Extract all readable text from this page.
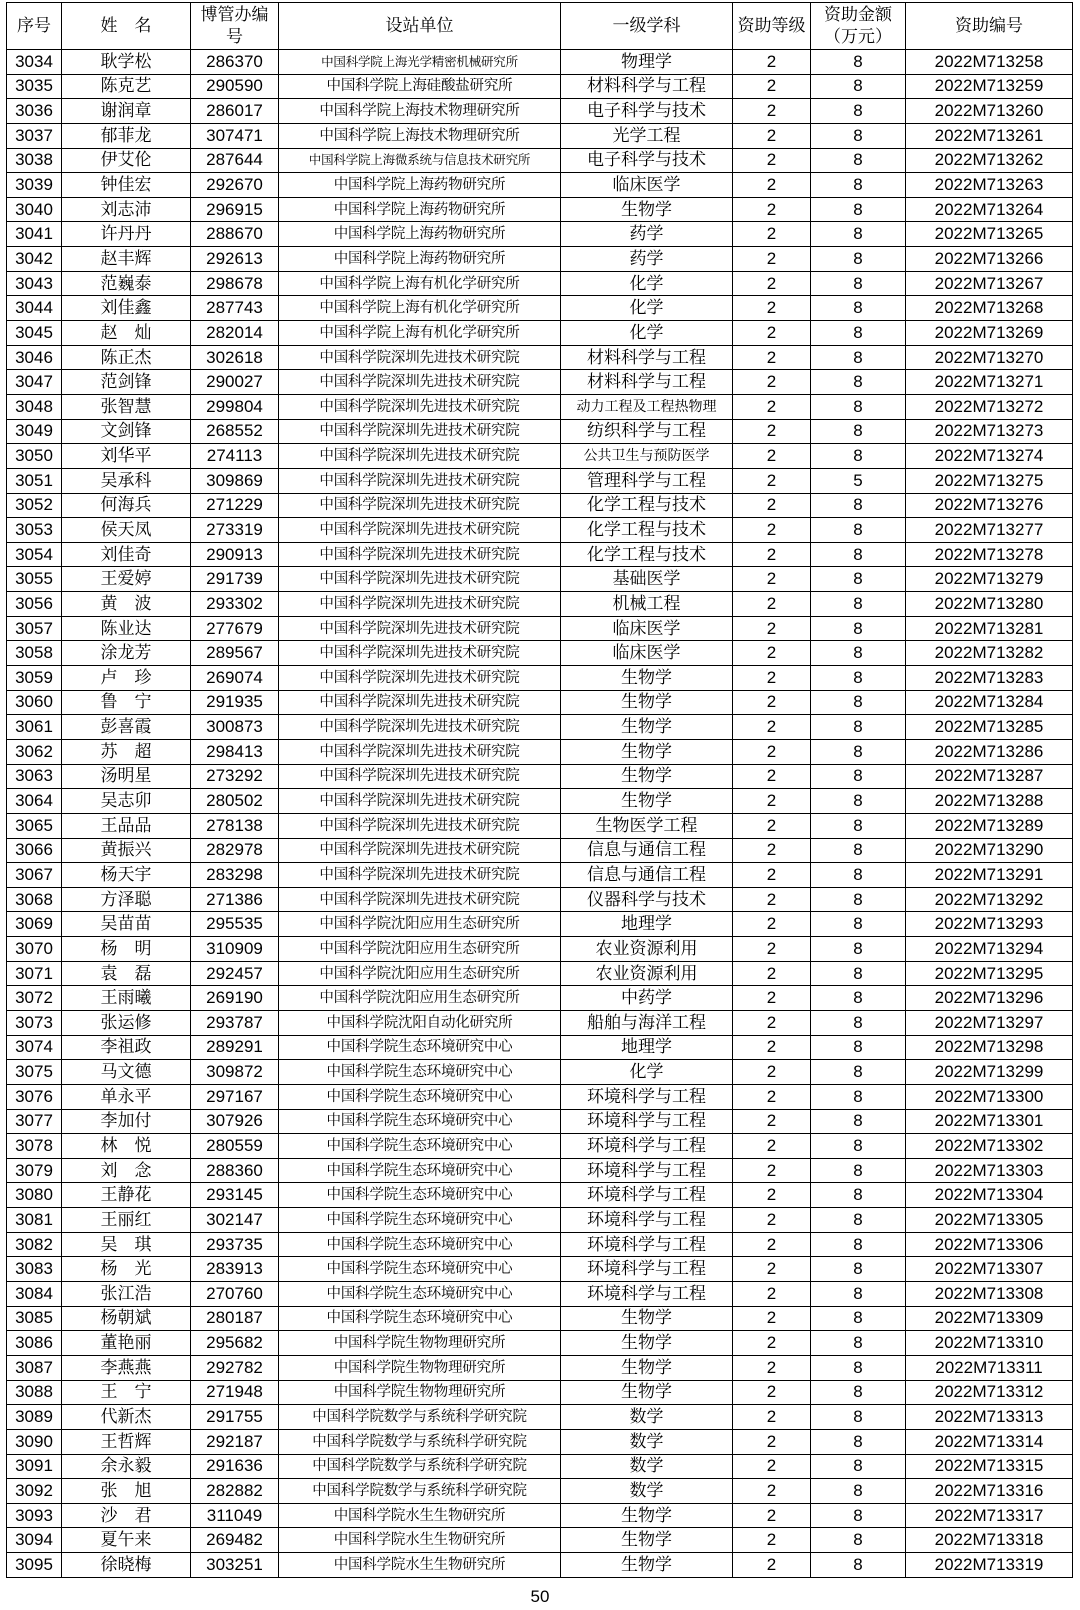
序号	姓　名	博管办编　号	设站单位	一级学科	资助等级	资助金额（万元）	资助编号
3034	耿学松	286370	中国科学院上海光学精密机械研究所	物理学	2	8	2022M713258
3035	陈克艺	290590	中国科学院上海硅酸盐研究所	材料科学与工程	2	8	2022M713259
3036	谢润章	286017	中国科学院上海技术物理研究所	电子科学与技术	2	8	2022M713260
3037	郁菲龙	307471	中国科学院上海技术物理研究所	光学工程	2	8	2022M713261
3038	伊艾伦	287644	中国科学院上海微系统与信息技术研究所	电子科学与技术	2	8	2022M713262
3039	钟佳宏	292670	中国科学院上海药物研究所	临床医学	2	8	2022M713263
3040	刘志沛	296915	中国科学院上海药物研究所	生物学	2	8	2022M713264
3041	许丹丹	288670	中国科学院上海药物研究所	药学	2	8	2022M713265
3042	赵丰辉	292613	中国科学院上海药物研究所	药学	2	8	2022M713266
3043	范巍泰	298678	中国科学院上海有机化学研究所	化学	2	8	2022M713267
3044	刘佳鑫	287743	中国科学院上海有机化学研究所	化学	2	8	2022M713268
3045	赵　灿	282014	中国科学院上海有机化学研究所	化学	2	8	2022M713269
3046	陈正杰	302618	中国科学院深圳先进技术研究院	材料科学与工程	2	8	2022M713270
3047	范剑锋	290027	中国科学院深圳先进技术研究院	材料科学与工程	2	8	2022M713271
3048	张智慧	299804	中国科学院深圳先进技术研究院	动力工程及工程热物理	2	8	2022M713272
3049	文剑锋	268552	中国科学院深圳先进技术研究院	纺织科学与工程	2	8	2022M713273
3050	刘华平	274113	中国科学院深圳先进技术研究院	公共卫生与预防医学	2	8	2022M713274
3051	吴承科	309869	中国科学院深圳先进技术研究院	管理科学与工程	2	5	2022M713275
3052	何海兵	271229	中国科学院深圳先进技术研究院	化学工程与技术	2	8	2022M713276
3053	侯天凤	273319	中国科学院深圳先进技术研究院	化学工程与技术	2	8	2022M713277
3054	刘佳奇	290913	中国科学院深圳先进技术研究院	化学工程与技术	2	8	2022M713278
3055	王爱婷	291739	中国科学院深圳先进技术研究院	基础医学	2	8	2022M713279
3056	黄　波	293302	中国科学院深圳先进技术研究院	机械工程	2	8	2022M713280
3057	陈业达	277679	中国科学院深圳先进技术研究院	临床医学	2	8	2022M713281
3058	涂龙芳	289567	中国科学院深圳先进技术研究院	临床医学	2	8	2022M713282
3059	卢　珍	269074	中国科学院深圳先进技术研究院	生物学	2	8	2022M713283
3060	鲁　宁	291935	中国科学院深圳先进技术研究院	生物学	2	8	2022M713284
3061	彭喜霞	300873	中国科学院深圳先进技术研究院	生物学	2	8	2022M713285
3062	苏　超	298413	中国科学院深圳先进技术研究院	生物学	2	8	2022M713286
3063	汤明星	273292	中国科学院深圳先进技术研究院	生物学	2	8	2022M713287
3064	吴志卯	280502	中国科学院深圳先进技术研究院	生物学	2	8	2022M713288
3065	王品品	278138	中国科学院深圳先进技术研究院	生物医学工程	2	8	2022M713289
3066	黄振兴	282978	中国科学院深圳先进技术研究院	信息与通信工程	2	8	2022M713290
3067	杨天宇	283298	中国科学院深圳先进技术研究院	信息与通信工程	2	8	2022M713291
3068	方泽聪	271386	中国科学院深圳先进技术研究院	仪器科学与技术	2	8	2022M713292
3069	吴苗苗	295535	中国科学院沈阳应用生态研究所	地理学	2	8	2022M713293
3070	杨　明	310909	中国科学院沈阳应用生态研究所	农业资源利用	2	8	2022M713294
3071	袁　磊	292457	中国科学院沈阳应用生态研究所	农业资源利用	2	8	2022M713295
3072	王雨曦	269190	中国科学院沈阳应用生态研究所	中药学	2	8	2022M713296
3073	张运修	293787	中国科学院沈阳自动化研究所	船舶与海洋工程	2	8	2022M713297
3074	李祖政	289291	中国科学院生态环境研究中心	地理学	2	8	2022M713298
3075	马文德	309872	中国科学院生态环境研究中心	化学	2	8	2022M713299
3076	单永平	297167	中国科学院生态环境研究中心	环境科学与工程	2	8	2022M713300
3077	李加付	307926	中国科学院生态环境研究中心	环境科学与工程	2	8	2022M713301
3078	林　悦	280559	中国科学院生态环境研究中心	环境科学与工程	2	8	2022M713302
3079	刘　念	288360	中国科学院生态环境研究中心	环境科学与工程	2	8	2022M713303
3080	王静花	293145	中国科学院生态环境研究中心	环境科学与工程	2	8	2022M713304
3081	王丽红	302147	中国科学院生态环境研究中心	环境科学与工程	2	8	2022M713305
3082	吴　琪	293735	中国科学院生态环境研究中心	环境科学与工程	2	8	2022M713306
3083	杨　光	283913	中国科学院生态环境研究中心	环境科学与工程	2	8	2022M713307
3084	张江浩	270760	中国科学院生态环境研究中心	环境科学与工程	2	8	2022M713308
3085	杨朝斌	280187	中国科学院生态环境研究中心	生物学	2	8	2022M713309
3086	董艳丽	295682	中国科学院生物物理研究所	生物学	2	8	2022M713310
3087	李燕燕	292782	中国科学院生物物理研究所	生物学	2	8	2022M713311
3088	王　宁	271948	中国科学院生物物理研究所	生物学	2	8	2022M713312
3089	代新杰	291755	中国科学院数学与系统科学研究院	数学	2	8	2022M713313
3090	王哲辉	292187	中国科学院数学与系统科学研究院	数学	2	8	2022M713314
3091	余永毅	291636	中国科学院数学与系统科学研究院	数学	2	8	2022M713315
3092	张　旭	282882	中国科学院数学与系统科学研究院	数学	2	8	2022M713316
3093	沙　君	311049	中国科学院水生生物研究所	生物学	2	8	2022M713317
3094	夏午来	269482	中国科学院水生生物研究所	生物学	2	8	2022M713318
3095	徐晓梅	303251	中国科学院水生生物研究所	生物学	2	8	2022M713319
50
